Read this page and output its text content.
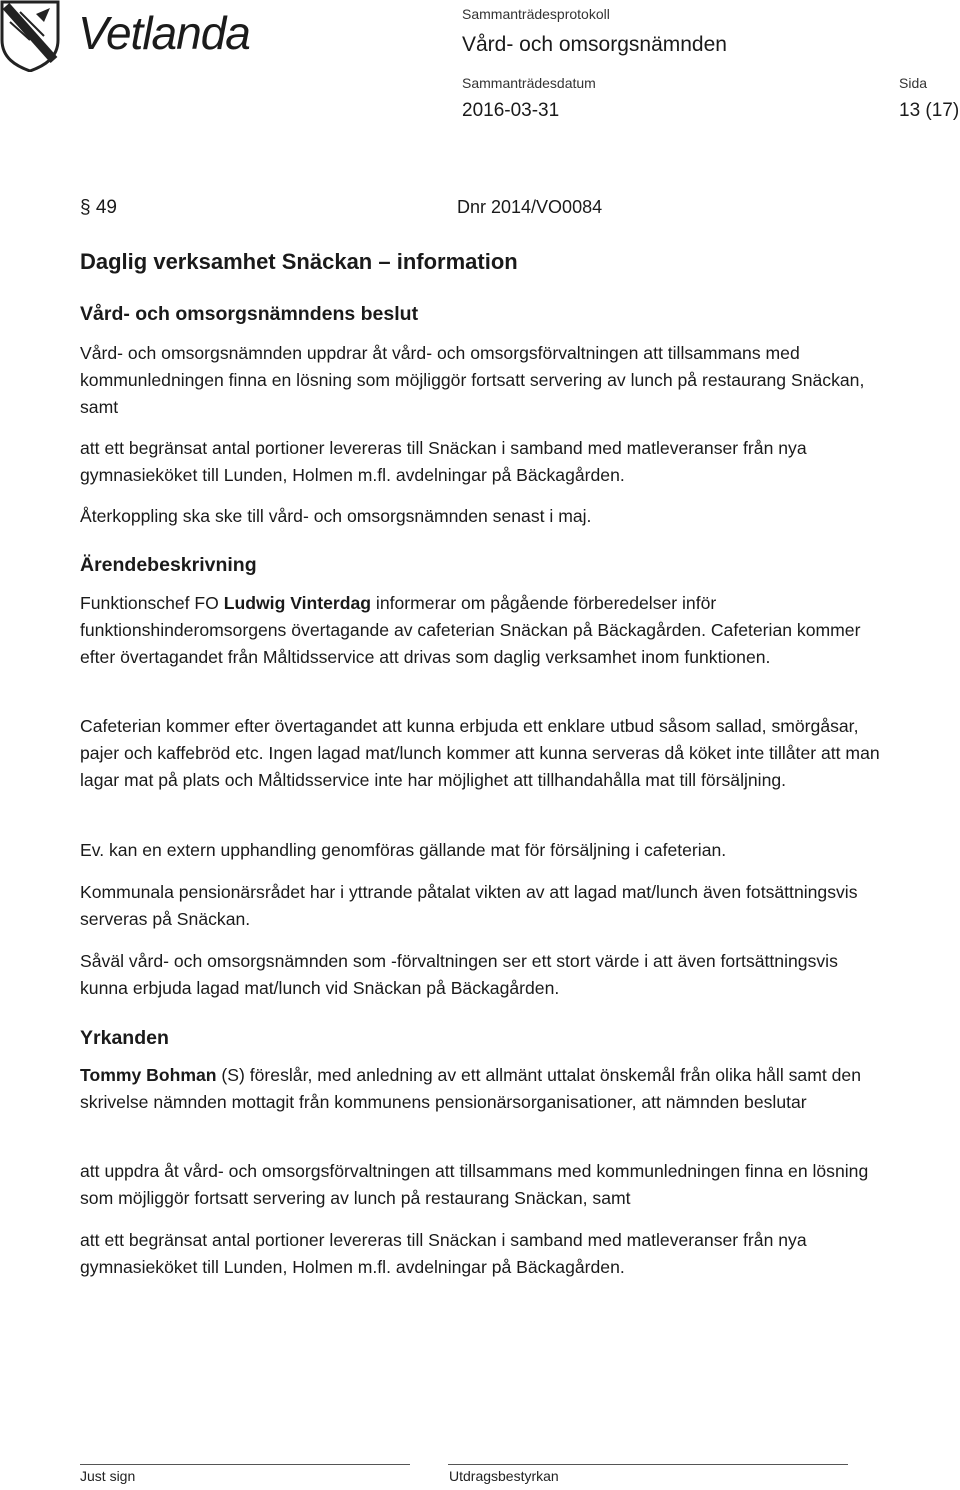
Vetlanda	Sammanträdesprotokoll
Vård- och omsorgsnämnden
Sammanträdesdatum
2016-03-31
Sida
13 (17)
§ 49	Dnr 2014/VO0084
Daglig verksamhet Snäckan – information
Vård- och omsorgsnämndens beslut

Vård- och omsorgsnämnden uppdrar åt vård- och omsorgsförvaltningen att tillsammans med kommunledningen finna en lösning som möjliggör fortsatt servering av lunch på restaurang Snäckan, samt

att ett begränsat antal portioner levereras till Snäckan i samband med matleveranser från nya gymnasieköket till Lunden, Holmen m.fl. avdelningar på Bäckagården.

Återkoppling ska ske till vård- och omsorgsnämnden senast i maj.

Ärendebeskrivning

Funktionschef FO Ludwig Vinterdag informerar om pågående förberedelser inför funktionshinderomsorgens övertagande av cafeterian Snäckan på Bäckagården. Cafeterian kommer efter övertagandet från Måltidsservice att drivas som daglig verksamhet inom funktionen.

Cafeterian kommer efter övertagandet att kunna erbjuda ett enklare utbud såsom sallad, smörgåsar, pajer och kaffebröd etc. Ingen lagad mat/lunch kommer att kunna serveras då köket inte tillåter att man lagar mat på plats och Måltidsservice inte har möjlighet att tillhandahålla mat till försäljning.

Ev. kan en extern upphandling genomföras gällande mat för försäljning i cafeterian.

Kommunala pensionärsrådet har i yttrande påtalat vikten av att lagad mat/lunch även fotsättningsvis serveras på Snäckan.

Såväl vård- och omsorgsnämnden som -förvaltningen ser ett stort värde i att även fortsättningsvis kunna erbjuda lagad mat/lunch vid Snäckan på Bäckagården.

Yrkanden

Tommy Bohman (S) föreslår, med anledning av ett allmänt uttalat önskemål från olika håll samt den skrivelse nämnden mottagit från kommunens pensionärsorganisationer, att nämnden beslutar

att uppdra åt vård- och omsorgsförvaltningen att tillsammans med kommunledningen finna en lösning som möjliggör fortsatt servering av lunch på restaurang Snäckan, samt

att ett begränsat antal portioner levereras till Snäckan i samband med matleveranser från nya gymnasieköket till Lunden, Holmen m.fl. avdelningar på Bäckagården.

Just sign	Utdragsbestyrkan
